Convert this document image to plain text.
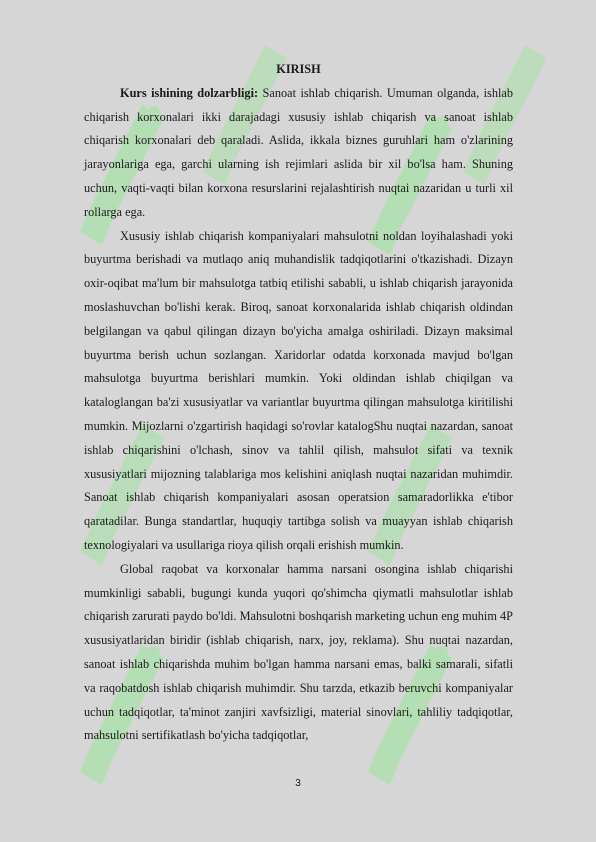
KIRISH

Kurs ishining dolzarbligi: Sanoat ishlab chiqarish. Umuman olganda, ishlab chiqarish korxonalari ikki darajadagi xususiy ishlab chiqarish va sanoat ishlab chiqarish korxonalari deb qaraladi. Aslida, ikkala biznes guruhlari ham o'zlarining jarayonlariga ega, garchi ularning ish rejimlari aslida bir xil bo'lsa ham. Shuning uchun, vaqti-vaqti bilan korxona resurslarini rejalashtirish nuqtai nazaridan u turli xil rollarga ega.

Xususiy ishlab chiqarish kompaniyalari mahsulotni noldan loyihalashadi yoki buyurtma berishadi va mutlaqo aniq muhandislik tadqiqotlarini o'tkazishadi. Dizayn oxir-oqibat ma'lum bir mahsulotga tatbiq etilishi sababli, u ishlab chiqarish jarayonida moslashuvchan bo'lishi kerak. Biroq, sanoat korxonalarida ishlab chiqarish oldindan belgilangan va qabul qilingan dizayn bo'yicha amalga oshiriladi. Dizayn maksimal buyurtma berish uchun sozlangan. Xaridorlar odatda korxonada mavjud bo'lgan mahsulotga buyurtma berishlari mumkin. Yoki oldindan ishlab chiqilgan va kataloglangan ba'zi xususiyatlar va variantlar buyurtma qilingan mahsulotga kiritilishi mumkin. Mijozlarni o'zgartirish haqidagi so'rovlar katalogShu nuqtai nazardan, sanoat ishlab chiqarishini o'lchash, sinov va tahlil qilish, mahsulot sifati va texnik xususiyatlari mijozning talablariga mos kelishini aniqlash nuqtai nazaridan muhimdir. Sanoat ishlab chiqarish kompaniyalari asosan operatsion samaradorlikka e'tibor qaratadilar. Bunga standartlar, huquqiy tartibga solish va muayyan ishlab chiqarish texnologiyalari va usullariga rioya qilish orqali erishish mumkin.

Global raqobat va korxonalar hamma narsani osongina ishlab chiqarishi mumkinligi sababli, bugungi kunda yuqori qo'shimcha qiymatli mahsulotlar ishlab chiqarish zarurati paydo bo'ldi. Mahsulotni boshqarish marketing uchun eng muhim 4P xususiyatlaridan biridir (ishlab chiqarish, narx, joy, reklama). Shu nuqtai nazardan, sanoat ishlab chiqarishda muhim bo'lgan hamma narsani emas, balki samarali, sifatli va raqobatdosh ishlab chiqarish muhimdir. Shu tarzda, etkazib beruvchi kompaniyalar uchun tadqiqotlar, ta'minot zanjiri xavfsizligi, material sinovlari, tahliliy tadqiqotlar, mahsulotni sertifikatlash bo'yicha tadqiqotlar,

3
